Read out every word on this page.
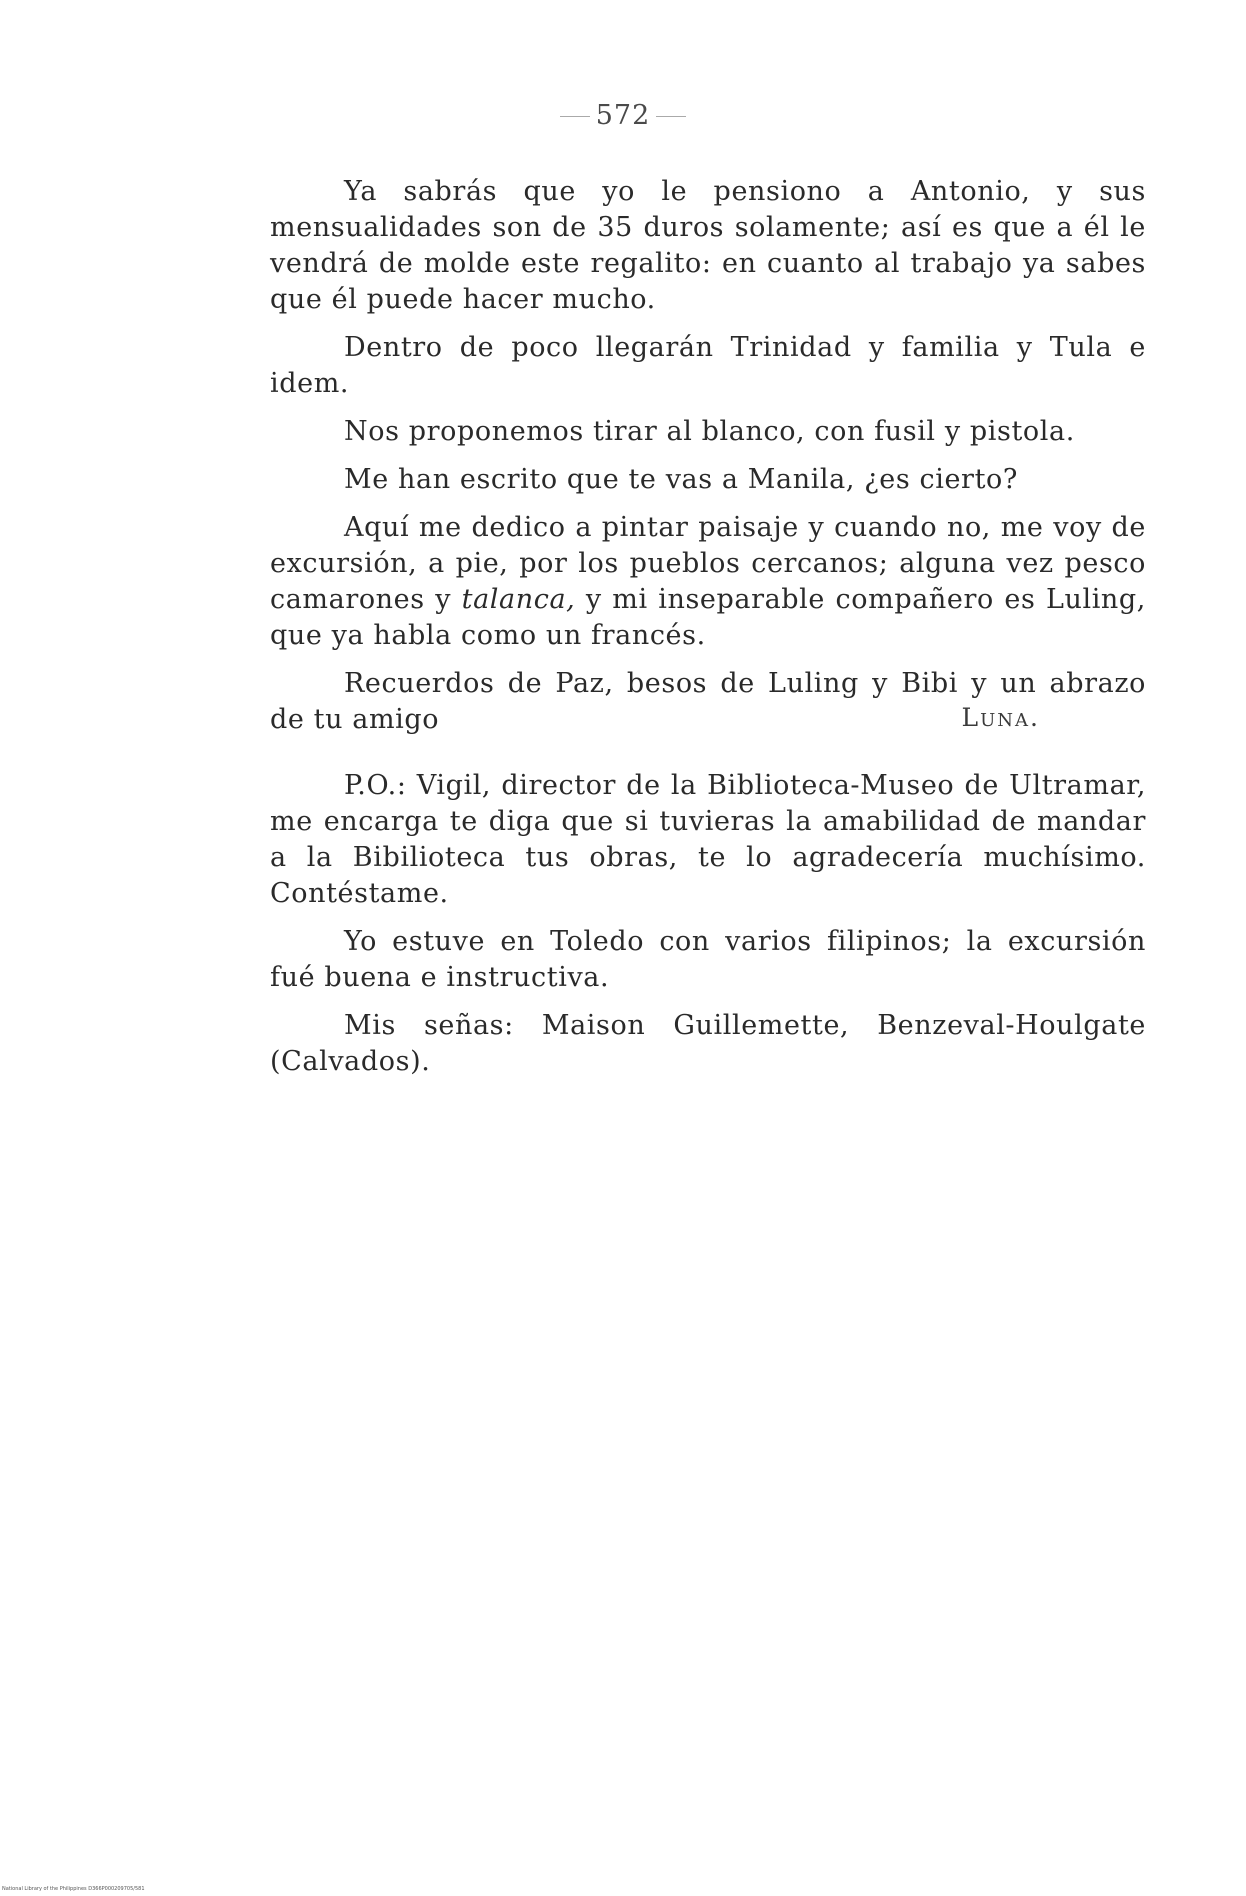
572

Ya sabrás que yo le pensiono a Antonio, y sus mensualidades son de 35 duros solamente; así es que a él le vendrá de molde este regalito: en cuanto al trabajo ya sabes que él puede hacer mucho.

Dentro de poco llegarán Trinidad y familia y Tula e idem.

Nos proponemos tirar al blanco, con fusil y pistola.

Me han escrito que te vas a Manila, ¿es cierto?

Aquí me dedico a pintar paisaje y cuando no, me voy de excursión, a pie, por los pueblos cercanos; alguna vez pesco camarones y talanca, y mi inseparable compañero es Luling, que ya habla como un francés.

Recuerdos de Paz, besos de Luling y Bibi y un abrazo de tu amigo	Luna.

P.O.: Vigil, director de la Biblioteca-Museo de Ultramar, me encarga te diga que si tuvieras la amabilidad de mandar a la Bibilioteca tus obras, te lo agradecería muchísimo. Contéstame.

Yo estuve en Toledo con varios filipinos; la excursión fué buena e instructiva.

Mis señas: Maison Guillemette, Benzeval-Houlgate (Calvados).

National Library of the Philippines D366P000209705/581
